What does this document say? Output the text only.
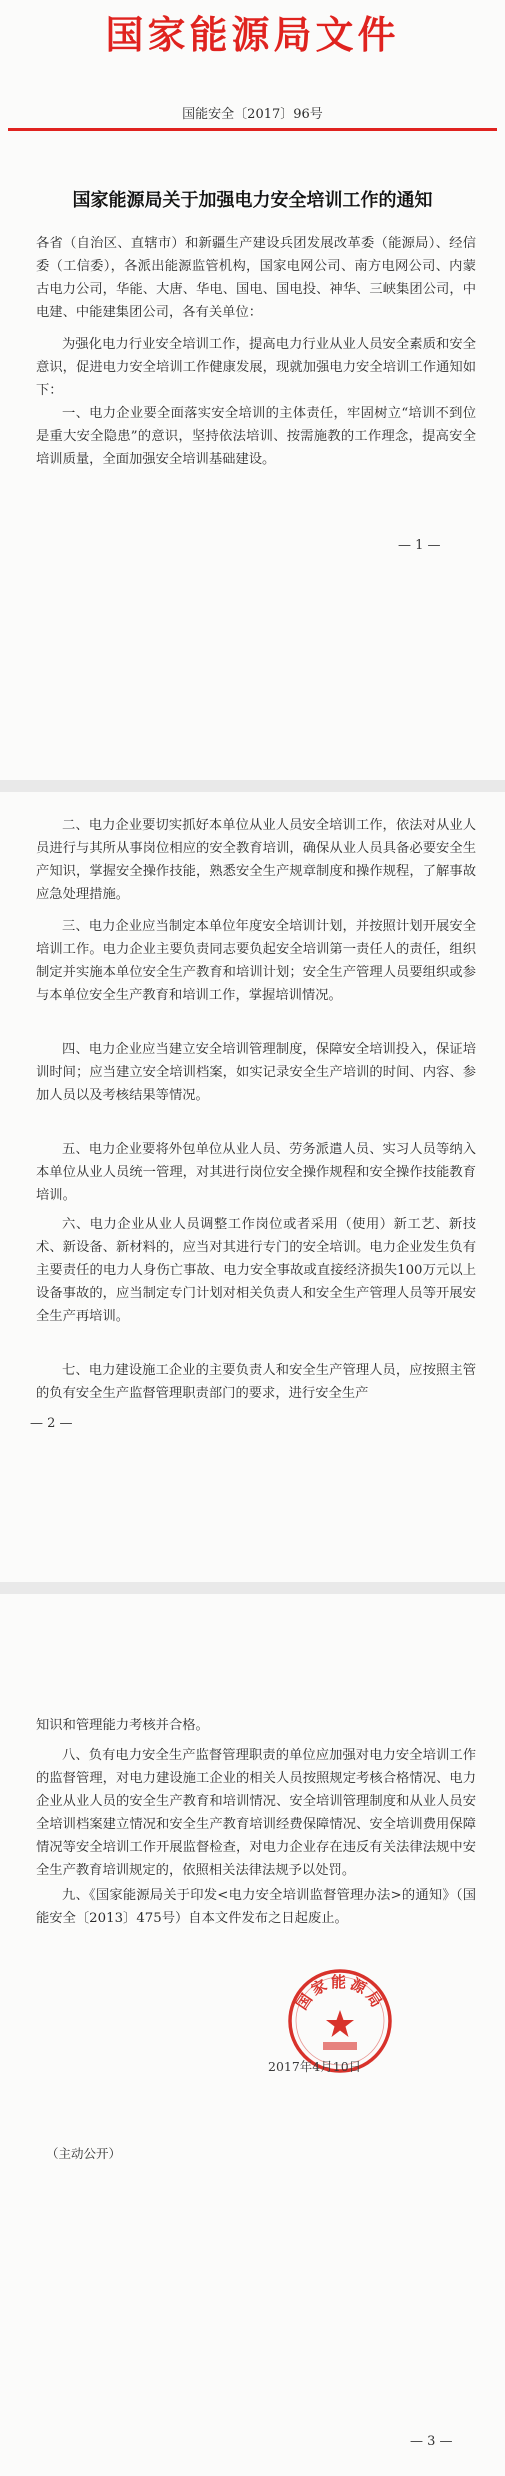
国家能源局文件
国能安全〔2017〕96号
国家能源局关于加强电力安全培训工作的通知

各省（自治区、直辖市）和新疆生产建设兵团发展改革委（能源局）、经信委（工信委），各派出能源监管机构，国家电网公司、南方电网公司、内蒙古电力公司，华能、大唐、华电、国电、国电投、神华、三峡集团公司，中电建、中能建集团公司，各有关单位：

为强化电力行业安全培训工作，提高电力行业从业人员安全素质和安全意识，促进电力安全培训工作健康发展，现就加强电力安全培训工作通知如下：

一、电力企业要全面落实安全培训的主体责任，牢固树立“培训不到位是重大安全隐患”的意识，坚持依法培训、按需施教的工作理念，提高安全培训质量，全面加强安全培训基础建设。

— 1 —

二、电力企业要切实抓好本单位从业人员安全培训工作，依法对从业人员进行与其所从事岗位相应的安全教育培训，确保从业人员具备必要安全生产知识，掌握安全操作技能，熟悉安全生产规章制度和操作规程，了解事故应急处理措施。

三、电力企业应当制定本单位年度安全培训计划，并按照计划开展安全培训工作。电力企业主要负责同志要负起安全培训第一责任人的责任，组织制定并实施本单位安全生产教育和培训计划；安全生产管理人员要组织或参与本单位安全生产教育和培训工作，掌握培训情况。

四、电力企业应当建立安全培训管理制度，保障安全培训投入，保证培训时间；应当建立安全培训档案，如实记录安全生产培训的时间、内容、参加人员以及考核结果等情况。

五、电力企业要将外包单位从业人员、劳务派遣人员、实习人员等纳入本单位从业人员统一管理，对其进行岗位安全操作规程和安全操作技能教育培训。

六、电力企业从业人员调整工作岗位或者采用（使用）新工艺、新技术、新设备、新材料的，应当对其进行专门的安全培训。电力企业发生负有主要责任的电力人身伤亡事故、电力安全事故或直接经济损失100万元以上设备事故的，应当制定专门计划对相关负责人和安全生产管理人员等开展安全生产再培训。

七、电力建设施工企业的主要负责人和安全生产管理人员，应按照主管的负有安全生产监督管理职责部门的要求，进行安全生产

— 2 —

知识和管理能力考核并合格。

八、负有电力安全生产监督管理职责的单位应加强对电力安全培训工作的监督管理，对电力建设施工企业的相关人员按照规定考核合格情况、电力企业从业人员的安全生产教育和培训情况、安全培训管理制度和从业人员安全培训档案建立情况和安全生产教育培训经费保障情况、安全培训费用保障情况等安全培训工作开展监督检查，对电力企业存在违反有关法律法规中安全生产教育培训规定的，依照相关法律法规予以处罚。

九、《国家能源局关于印发<电力安全培训监督管理办法>的通知》（国能安全〔2013〕475号）自本文件发布之日起废止。

国家能源局
2017年4月10日
（主动公开）
— 3 —
